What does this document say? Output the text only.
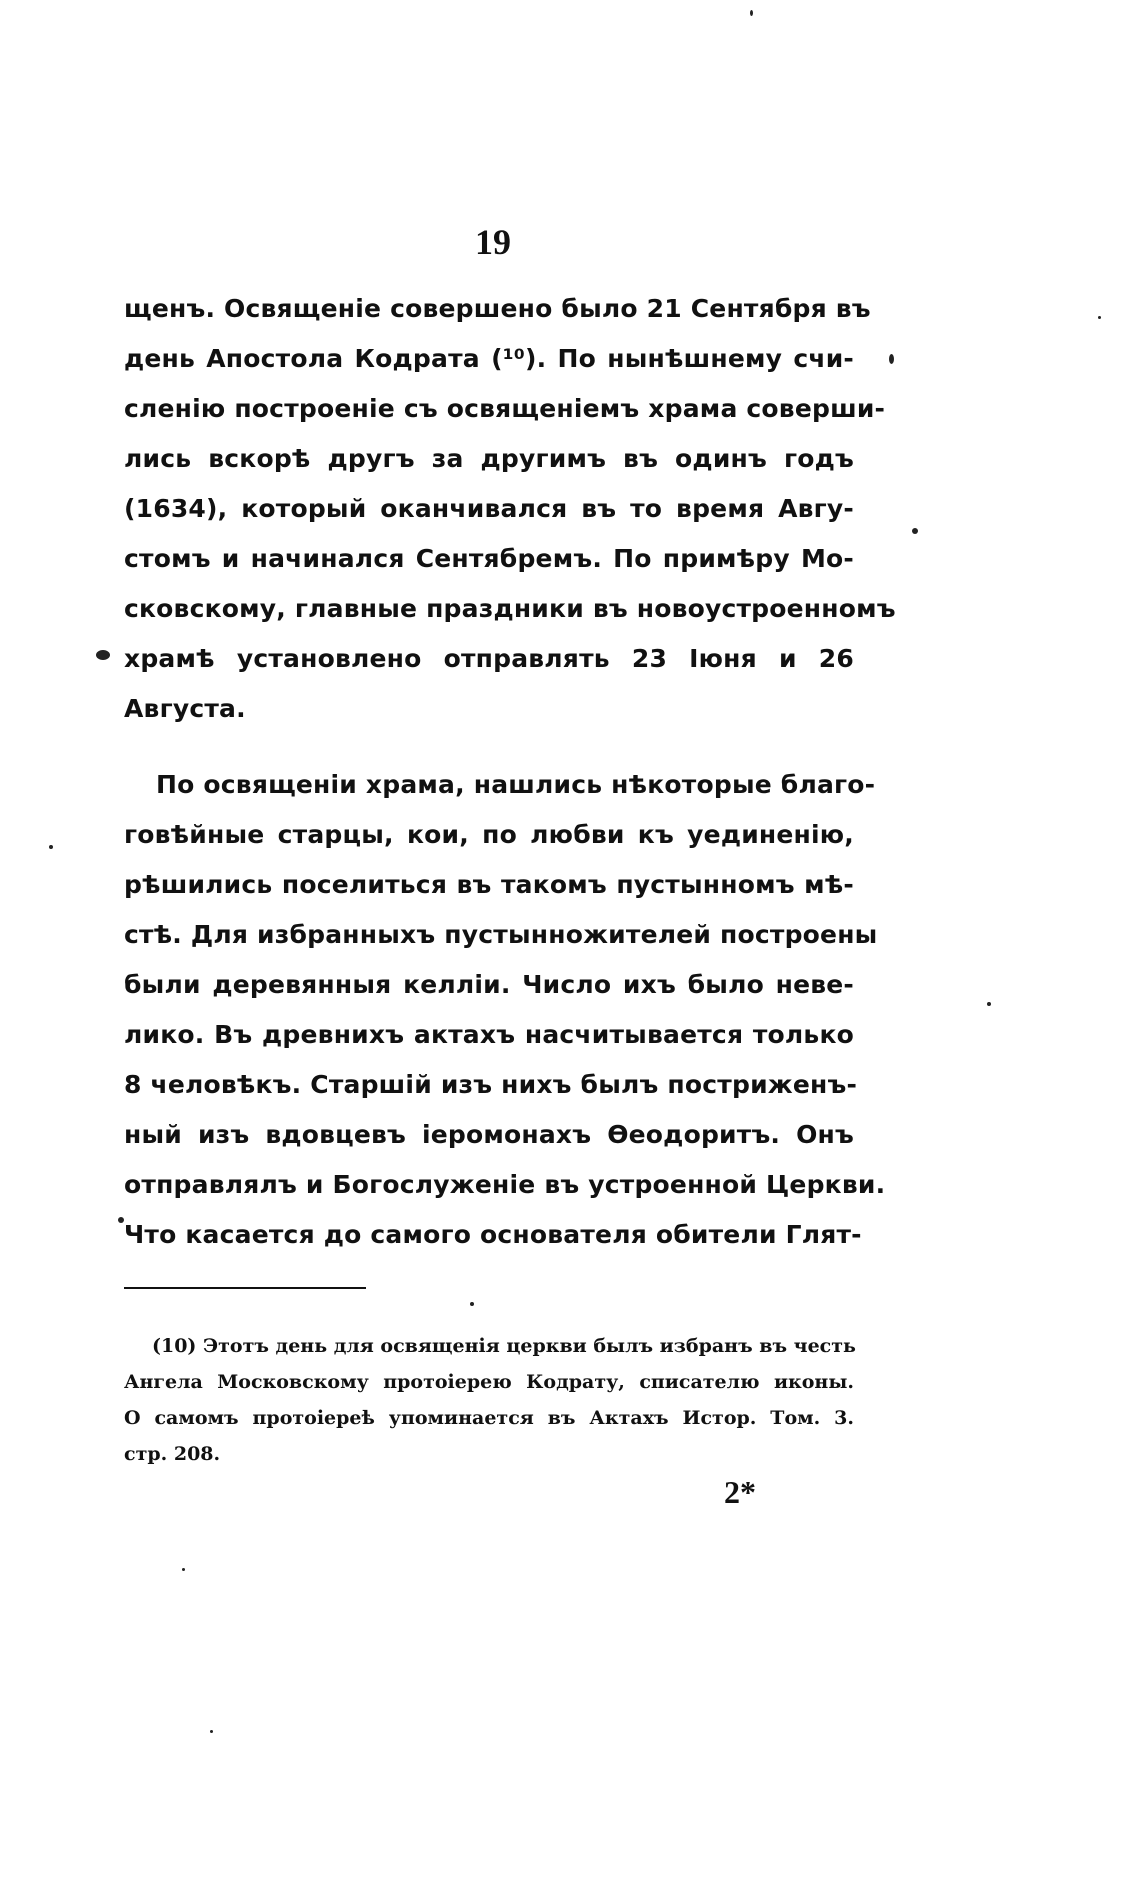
19
щенъ. Освященіе совершено было 21 Сентября въ
день Апостола Кодрата (¹⁰). По нынѣшнему счи-
сленію построеніе съ освященіемъ храма соверши-
лись вскорѣ другъ за другимъ въ одинъ годъ
(1634), который оканчивался въ то время Авгу-
стомъ и начинался Сентябремъ. По примѣру Мо-
сковскому, главные праздники въ новоустроенномъ
храмѣ установлено отправлять 23 Іюня и 26
Августа.
По освященіи храма, нашлись нѣкоторые благо-
говѣйные старцы, кои, по любви къ уединенію,
рѣшились поселиться въ такомъ пустынномъ мѣ-
стѣ. Для избранныхъ пустынножителей построены
были деревянныя келліи. Число ихъ было неве-
лико. Въ древнихъ актахъ насчитывается только
8 человѣкъ. Старшій изъ нихъ былъ постриженъ-
ный изъ вдовцевъ іеромонахъ Ѳеодоритъ. Онъ
отправлялъ и Богослуженіе въ устроенной Церкви.
Что касается до самого основателя обители Глят-
(10) Этотъ день для освященія церкви былъ избранъ въ честь
Ангела Московскому протоіерею Кодрату, списателю иконы.
О самомъ протоіереѣ упоминается въ Актахъ Истор. Том. 3.
стр. 208.
2*
